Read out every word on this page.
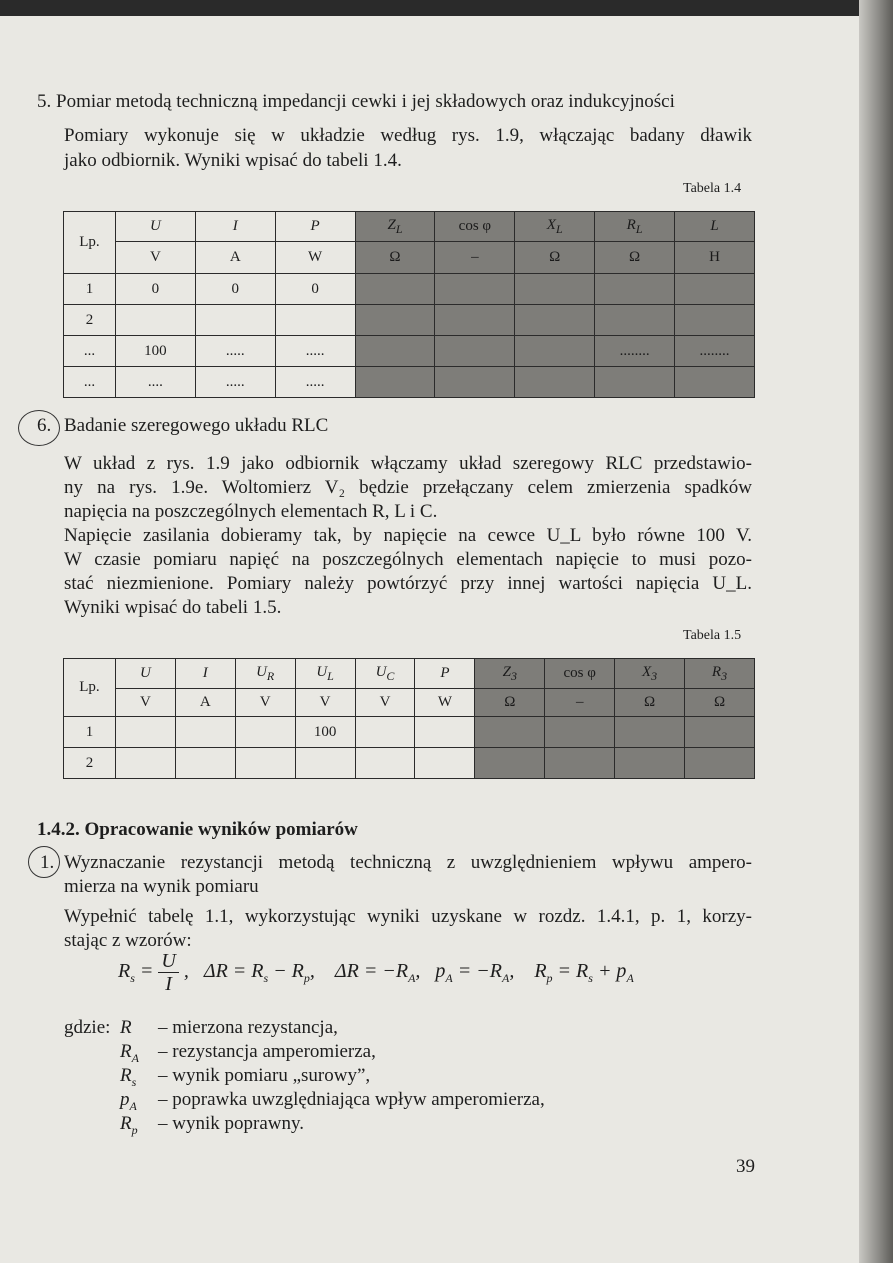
5. Pomiar metodą techniczną impedancji cewki i jej składowych oraz indukcyjności
Pomiary wykonuje się w układzie według rys. 1.9, włączając badany dławik
jako odbiornik. Wyniki wpisać do tabeli 1.4.
Tabela 1.4
Lp.	U	I	P	$Z_L$	cos φ	$X_L$	$R_L$	L
	V	A	W	Ω	–	Ω	Ω	H
1	0	0	0					
2								
...	100	.....	.....				........	........
...	....	.....	.....					
6. Badanie szeregowego układu RLC
W układ z rys. 1.9 jako odbiornik włączamy układ szeregowy RLC przedstawio-
ny na rys. 1.9e. Woltomierz V₂ będzie przełączany celem zmierzenia spadków
napięcia na poszczególnych elementach R, L i C.
Napięcie zasilania dobieramy tak, by napięcie na cewce U_L było równe 100 V.
W czasie pomiaru napięć na poszczególnych elementach napięcie to musi pozo-
stać niezmienione. Pomiary należy powtórzyć przy innej wartości napięcia U_L.
Wyniki wpisać do tabeli 1.5.
Tabela 1.5
Lp.	U	I	$U_R$	$U_L$	$U_C$	P	$Z_3$	cos φ	$X_3$	$R_3$
	V	A	V	V	V	W	Ω	–	Ω	Ω
1				100						
2										
1.4.2. Opracowanie wyników pomiarów
1. Wyznaczanie rezystancji metodą techniczną z uwzględnieniem wpływu ampero-
mierza na wynik pomiaru
Wypełnić tabelę 1.1, wykorzystując wyniki uzyskane w rozdz. 1.4.1, p. 1, korzy-
stając z wzorów:
$R_s = \frac{U}{I}$ ,   $\Delta R = R_s - R_p$,    $\Delta R = -R_A$,   $p_A = -R_A$,    $R_p = R_s + p_A$
gdzie: R – mierzona rezystancja,
$R_A$ – rezystancja amperomierza,
$R_s$ – wynik pomiaru „surowy”,
$p_A$ – poprawka uwzględniająca wpływ amperomierza,
$R_p$ – wynik poprawny.
39
